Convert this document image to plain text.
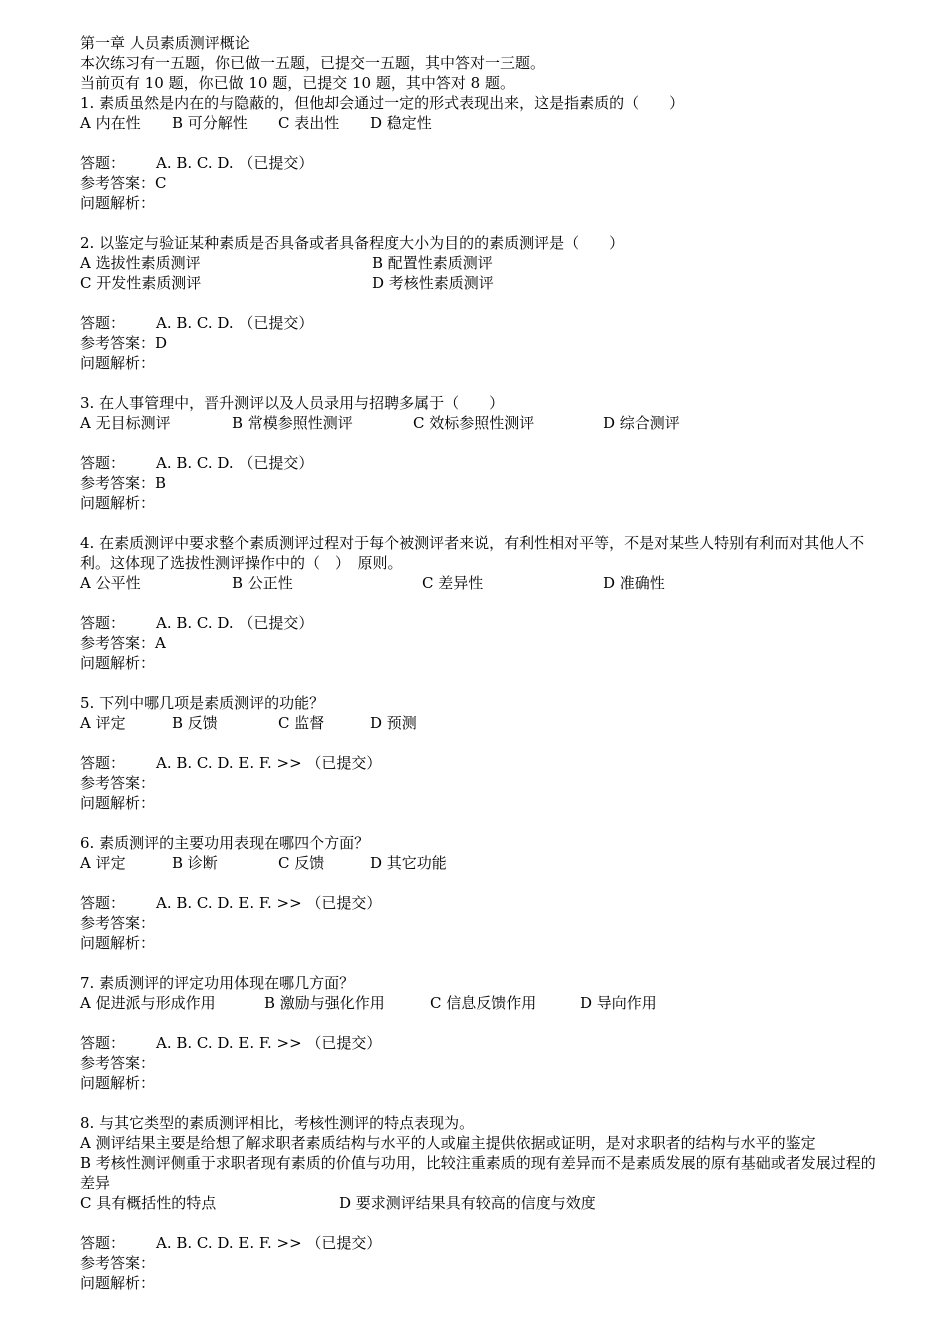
第一章 人员素质测评概论
本次练习有一五题，你已做一五题，已提交一五题，其中答对一三题。
当前页有 10 题，你已做 10 题，已提交 10 题，其中答对 8 题。
1. 素质虽然是内在的与隐蔽的，但他却会通过一定的形式表现出来，这是指素质的（　　）
A 内在性 B 可分解性 C 表出性 D 稳定性
答题： A. B. C. D. （已提交）
参考答案：C
问题解析：
2. 以鉴定与验证某种素质是否具备或者具备程度大小为目的的素质测评是（　　）
A 选拔性素质测评	B 配置性素质测评
C 开发性素质测评	D 考核性素质测评
答题： A. B. C. D. （已提交）
参考答案：D
问题解析：
3. 在人事管理中，晋升测评以及人员录用与招聘多属于（　　）
A 无目标测评	B 常模参照性测评	C 效标参照性测评	D 综合测评
答题： A. B. C. D. （已提交）
参考答案：B
问题解析：
4. 在素质测评中要求整个素质测评过程对于每个被测评者来说，有利性相对平等，不是对某些人特别有利而对其他人不利。这体现了选拔性测评操作中的（　）　原则。
A 公平性	B 公正性	C 差异性	D 准确性
答题： A. B. C. D. （已提交）
参考答案：A
问题解析：
5. 下列中哪几项是素质测评的功能？
A 评定	B 反馈	C 监督	D 预测
答题： A. B. C. D. E. F. >> （已提交）
参考答案：
问题解析：
6. 素质测评的主要功用表现在哪四个方面？
A 评定	B 诊断	C 反馈	D 其它功能
答题： A. B. C. D. E. F. >> （已提交）
参考答案：
问题解析：
7. 素质测评的评定功用体现在哪几方面？
A 促进派与形成作用	B 激励与强化作用	C 信息反馈作用	D 导向作用
答题： A. B. C. D. E. F. >> （已提交）
参考答案：
问题解析：
8. 与其它类型的素质测评相比，考核性测评的特点表现为。
A 测评结果主要是给想了解求职者素质结构与水平的人或雇主提供依据或证明，是对求职者的结构与水平的鉴定
B 考核性测评侧重于求职者现有素质的价值与功用，比较注重素质的现有差异而不是素质发展的原有基础或者发展过程的差异
C 具有概括性的特点	D 要求测评结果具有较高的信度与效度
答题： A. B. C. D. E. F. >> （已提交）
参考答案：
问题解析：
